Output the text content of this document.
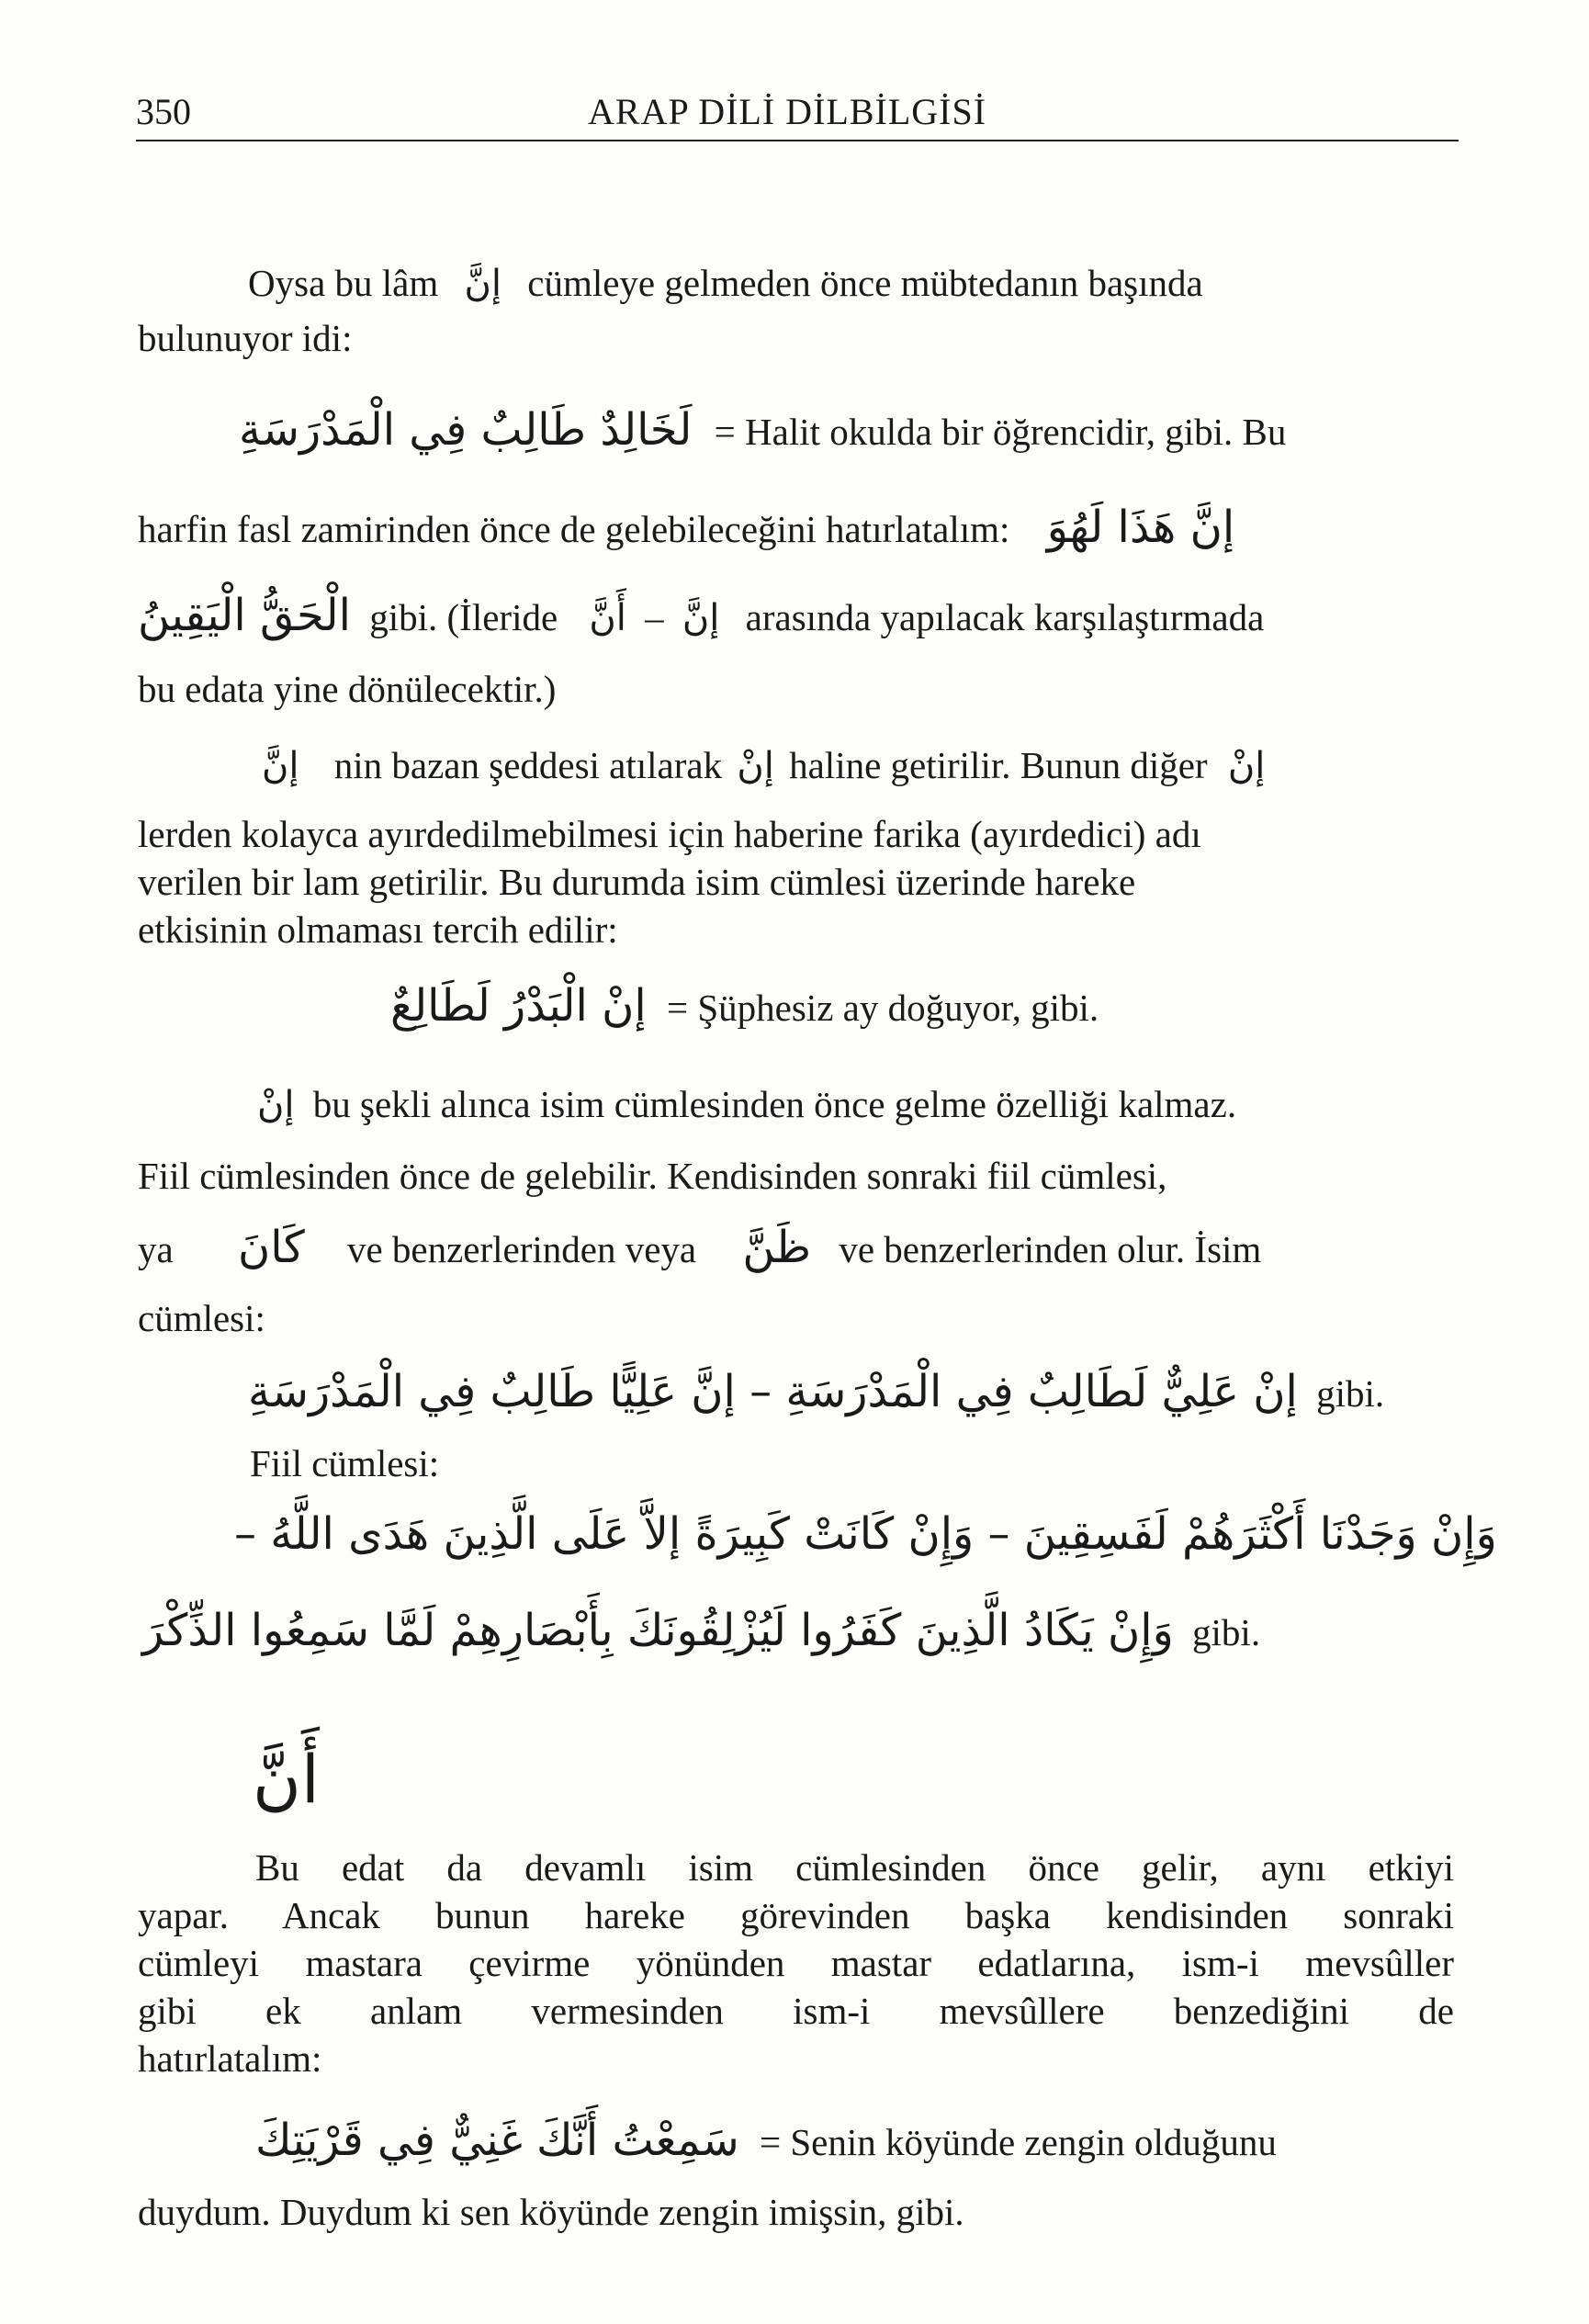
350	ARAP DİLİ DİLBİLGİSİ
Oysa bu lâm إنَّ cümleye gelmeden önce mübtedanın başında
bulunuyor idi:
لَخَالِدٌ طَالِبٌ فِي الْمَدْرَسَةِ = Halit okulda bir öğrencidir, gibi. Bu
harfin fasl zamirinden önce de gelebileceğini hatırlatalım: إنَّ هَذَا لَهُوَ
الْحَقُّ الْيَقِينُ gibi. (İleride أَنَّ – إنَّ arasında yapılacak karşılaştırmada
bu edata yine dönülecektir.)
إنَّ nin bazan şeddesi atılarak إنْ haline getirilir. Bunun diğer إنْ
lerden kolayca ayırdedilmebilmesi için haberine farika (ayırdedici) adı
verilen bir lam getirilir. Bu durumda isim cümlesi üzerinde hareke
etkisinin olmaması tercih edilir:
إنْ الْبَدْرُ لَطَالِعٌ = Şüphesiz ay doğuyor, gibi.
إنْ bu şekli alınca isim cümlesinden önce gelme özelliği kalmaz.
Fiil cümlesinden önce de gelebilir. Kendisinden sonraki fiil cümlesi,
ya كَانَ ve benzerlerinden veya ظَنَّ ve benzerlerinden olur. İsim
cümlesi:
إنْ عَلِيٌّ لَطَالِبٌ فِي الْمَدْرَسَةِ – إنَّ عَلِيًّا طَالِبٌ فِي الْمَدْرَسَةِ gibi.
Fiil cümlesi:
وَإِنْ وَجَدْنَا أَكْثَرَهُمْ لَفَسِقِينَ – وَإِنْ كَانَتْ كَبِيرَةً إلاَّ عَلَى الَّذِينَ هَدَى اللَّهُ –
وَإِنْ يَكَادُ الَّذِينَ كَفَرُوا لَيُزْلِقُونَكَ بِأَبْصَارِهِمْ لَمَّا سَمِعُوا الذِّكْرَ gibi.
أَنَّ
Bu edat da devamlı isim cümlesinden önce gelir, aynı etkiyi
yapar. Ancak bunun hareke görevinden başka kendisinden sonraki
cümleyi mastara çevirme yönünden mastar edatlarına, ism-i mevsûller
gibi ek anlam vermesinden ism-i mevsûllere benzediğini de
hatırlatalım:
سَمِعْتُ أَنَّكَ غَنِيٌّ فِي قَرْيَتِكَ = Senin köyünde zengin olduğunu
duydum. Duydum ki sen köyünde zengin imişsin, gibi.
